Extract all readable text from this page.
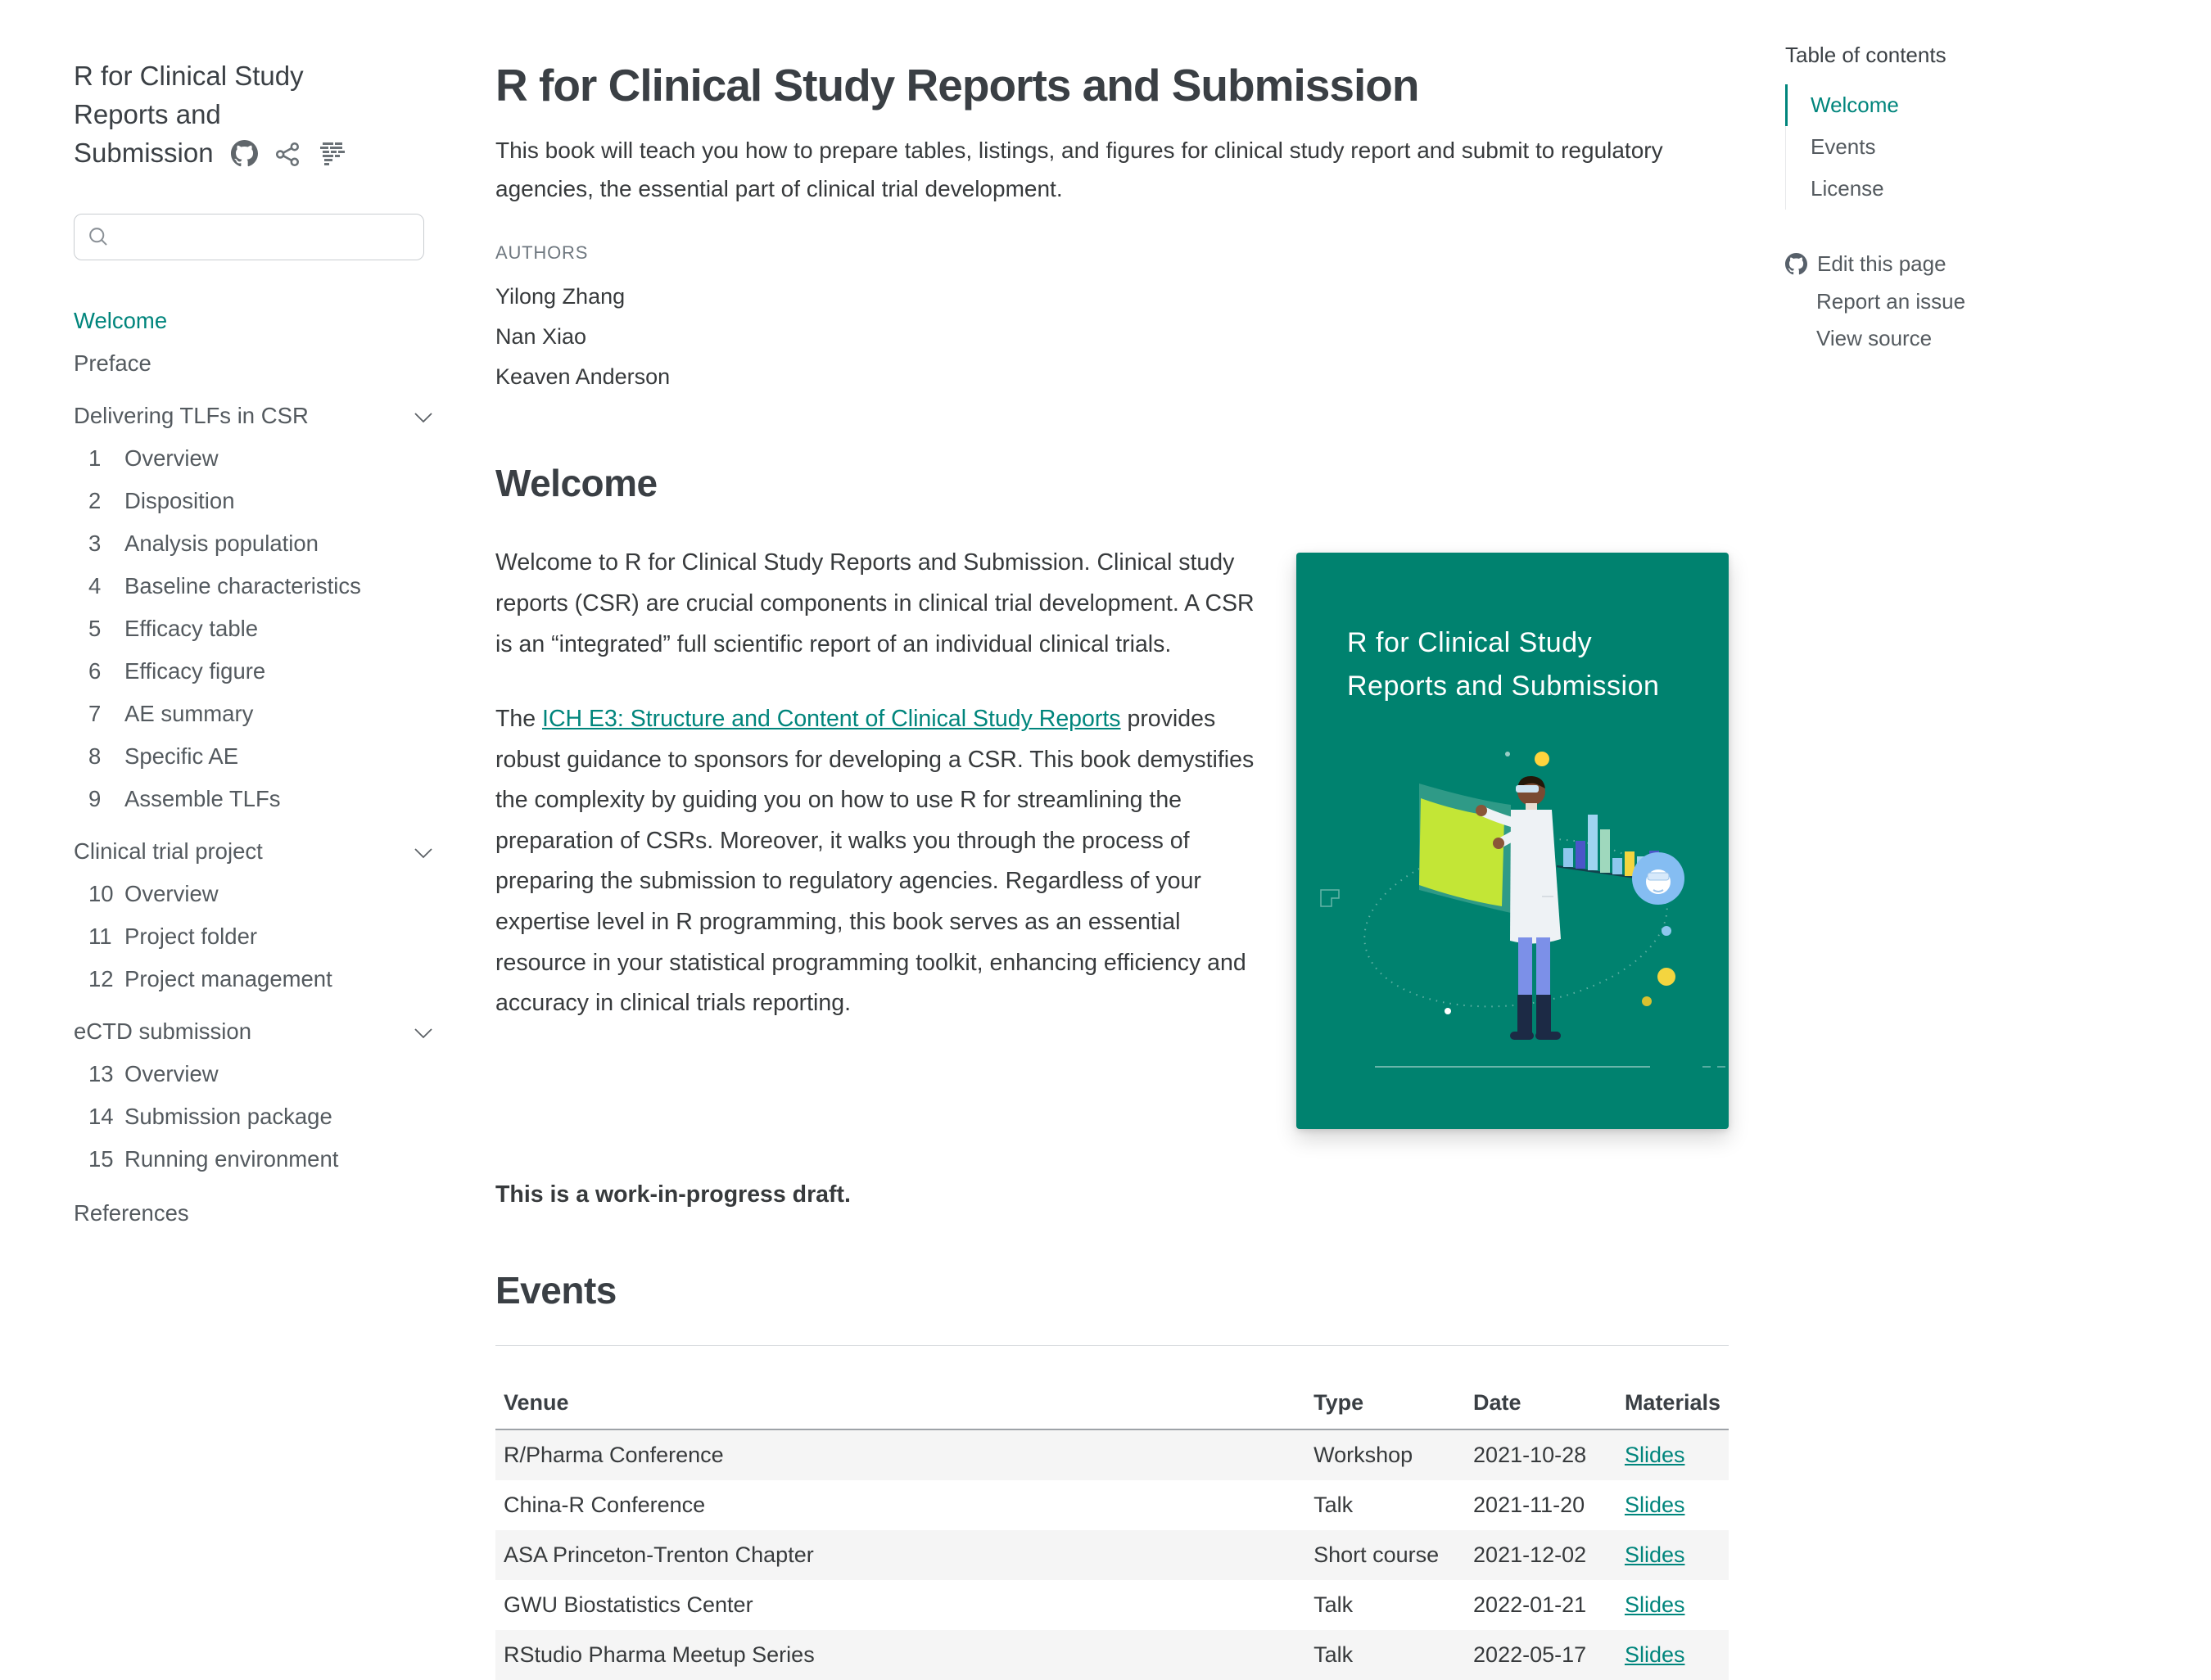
R for Clinical Study Reports and Submission
Welcome
Preface
Delivering TLFs in CSR
1	Overview
2	Disposition
3	Analysis population
4	Baseline characteristics
5	Efficacy table
6	Efficacy figure
7	AE summary
8	Specific AE
9	Assemble TLFs
Clinical trial project
10 Overview
11 Project folder
12 Project management
eCTD submission
13 Overview
14 Submission package
15 Running environment
References
R for Clinical Study Reports and Submission

This book will teach you how to prepare tables, listings, and figures for clinical study report and submit to regulatory agencies, the essential part of clinical trial development.

AUTHORS
Yilong Zhang
Nan Xiao
Keaven Anderson
Welcome
R for Clinical Study
Reports and Submission

Welcome to R for Clinical Study Reports and Submission. Clinical study reports (CSR) are crucial components in clinical trial development. A CSR is an “integrated” full scientific report of an individual clinical trials.

The ICH E3: Structure and Content of Clinical Study Reports provides robust guidance to sponsors for developing a CSR. This book demystifies the complexity by guiding you on how to use R for streamlining the preparation of CSRs. Moreover, it walks you through the process of preparing the submission to regulatory agencies. Regardless of your expertise level in R programming, this book serves as an essential resource in your statistical programming toolkit, enhancing efficiency and accuracy in clinical trials reporting.

This is a work-in-progress draft.

Events
Venue	Type	Date	Materials
R/Pharma Conference	Workshop	2021-10-28	Slides
China-R Conference	Talk	2021-11-20	Slides
ASA Princeton-Trenton Chapter	Short course	2021-12-02	Slides
GWU Biostatistics Center	Talk	2022-01-21	Slides
RStudio Pharma Meetup Series	Talk	2022-05-17	Slides
Table of contents
Welcome
Events
License
Edit this page
Report an issue
View source
